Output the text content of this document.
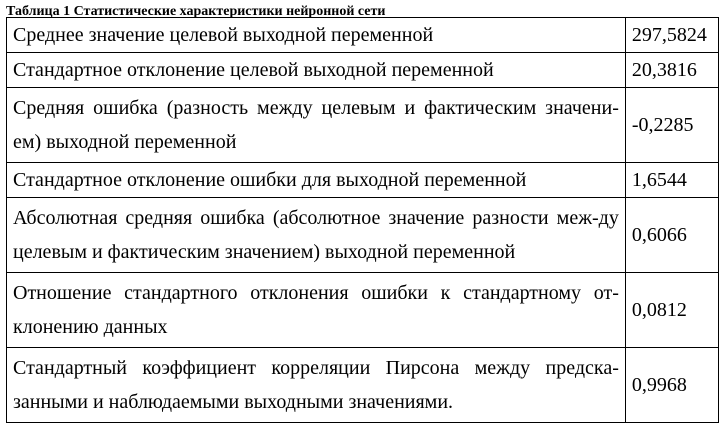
Таблица 1 Статистические характеристики нейронной сети
Среднее значение целевой выходной переменной	297,5824
Стандартное отклонение целевой выходной переменной	20,3816
Средняя ошибка (разность между целевым и фактическим значени-ем) выходной переменной	-0,2285
Стандартное отклонение ошибки для выходной переменной	1,6544
Абсолютная средняя ошибка (абсолютное значение разности меж-ду целевым и фактическим значением) выходной переменной	0,6066
Отношение стандартного отклонения ошибки к стандартному от-клонению данных	0,0812
Стандартный коэффициент корреляции Пирсона между предска-занными и наблюдаемыми выходными значениями.	0,9968
